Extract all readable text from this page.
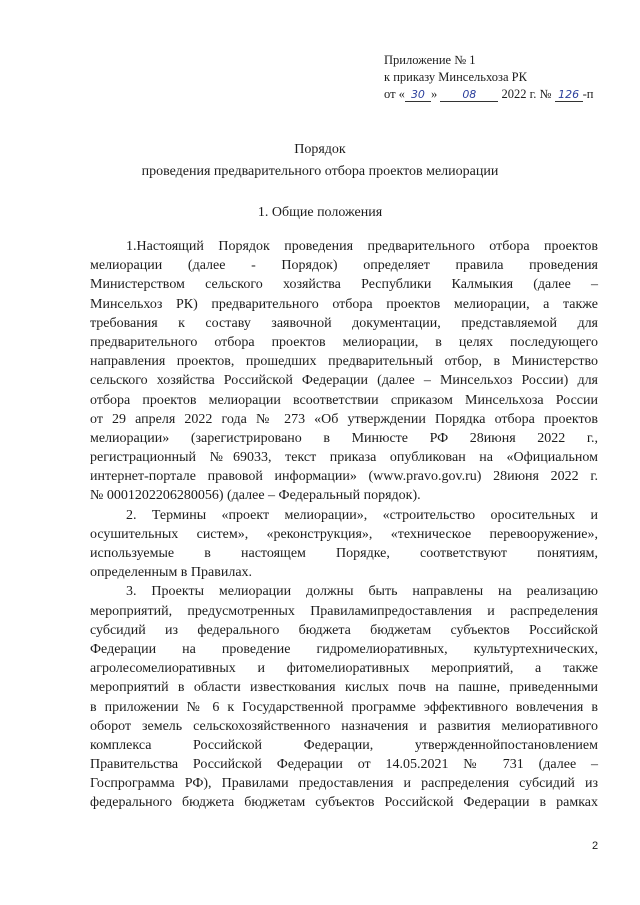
Приложение № 1
к приказу Минсельхоза РК
от « 30 » 08 2022 г. № 126 -п
Порядок
проведения предварительного отбора проектов мелиорации
1. Общие положения
1.Настоящий Порядок проведения предварительного отбора проектов
мелиорации (далее - Порядок) определяет правила проведения
Министерством сельского хозяйства Республики Калмыкия (далее –
Минсельхоз РК) предварительного отбора проектов мелиорации, а также
требования к составу заявочной документации, представляемой для
предварительного отбора проектов мелиорации, в целях последующего
направления проектов, прошедших предварительный отбор, в Министерство
сельского хозяйства Российской Федерации (далее – Минсельхоз России) для
отбора проектов мелиорации всоответствии сприказом Минсельхоза России
от 29 апреля 2022 года № 273 «Об утверждении Порядка отбора проектов
мелиорации» (зарегистрировано в Минюсте РФ 28июня 2022 г.,
регистрационный №69033, текст приказа опубликован на «Официальном
интернет-портале правовой информации» (www.pravo.gov.ru) 28июня 2022 г.
№ 0001202206280056) (далее – Федеральный порядок).
2. Термины «проект мелиорации», «строительство оросительных и
осушительных систем», «реконструкция», «техническое перевооружение»,
используемые в настоящем Порядке, соответствуют понятиям,
определенным в Правилах.
3. Проекты мелиорации должны быть направлены на реализацию
мероприятий, предусмотренных Правиламипредоставления и распределения
субсидий из федерального бюджета бюджетам субъектов Российской
Федерации на проведение гидромелиоративных, культуртехнических,
агролесомелиоративных и фитомелиоративных мероприятий, а также
мероприятий в области известкования кислых почв на пашне, приведенными
в приложении № 6 к Государственной программе эффективного вовлечения в
оборот земель сельскохозяйственного назначения и развития мелиоративного
комплекса Российской Федерации, утвержденнойпостановлением
Правительства Российской Федерации от 14.05.2021 № 731 (далее –
Госпрограмма РФ), Правилами предоставления и распределения субсидий из
федерального бюджета бюджетам субъектов Российской Федерации в рамках
2
